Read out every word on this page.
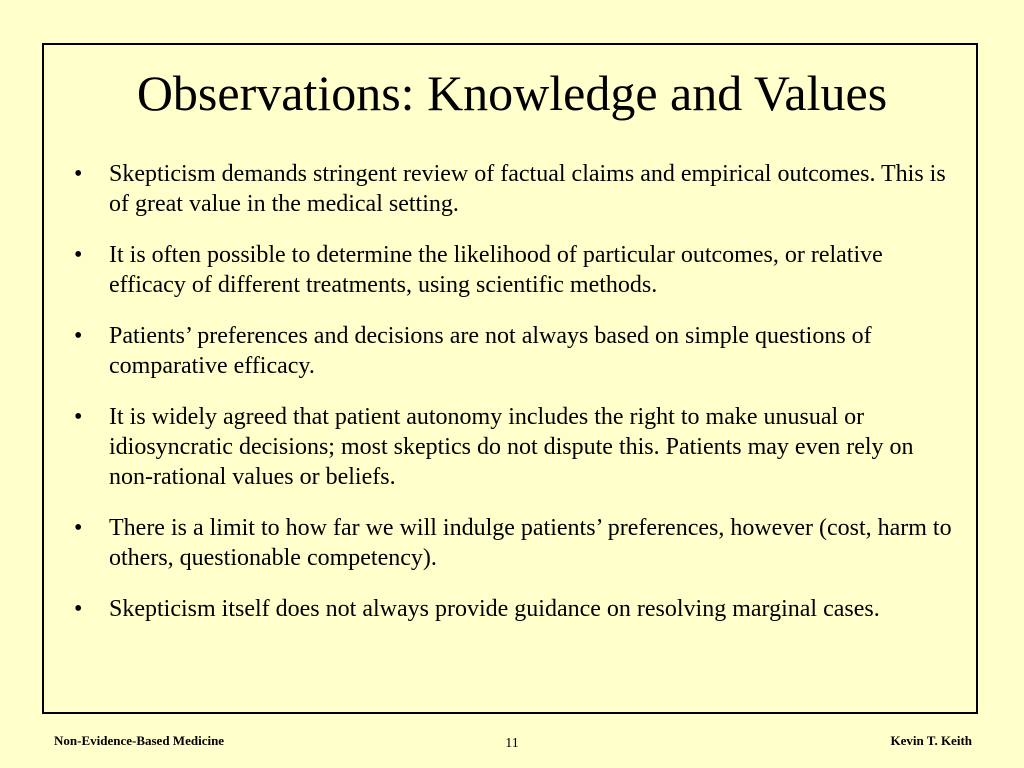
Observations: Knowledge and Values
•	Skepticism demands stringent review of factual claims and empirical outcomes. This is of great value in the medical setting.
•	It is often possible to determine the likelihood of particular outcomes, or relative efficacy of different treatments, using scientific methods.
•	Patients’ preferences and decisions are not always based on simple questions of comparative efficacy.
•	It is widely agreed that patient autonomy includes the right to make unusual or idiosyncratic decisions; most skeptics do not dispute this. Patients may even rely on non-rational values or beliefs.
•	There is a limit to how far we will indulge patients’ preferences, however (cost, harm to others, questionable competency).
•	Skepticism itself does not always provide guidance on resolving marginal cases.
Non-Evidence-Based Medicine	11	Kevin T. Keith
